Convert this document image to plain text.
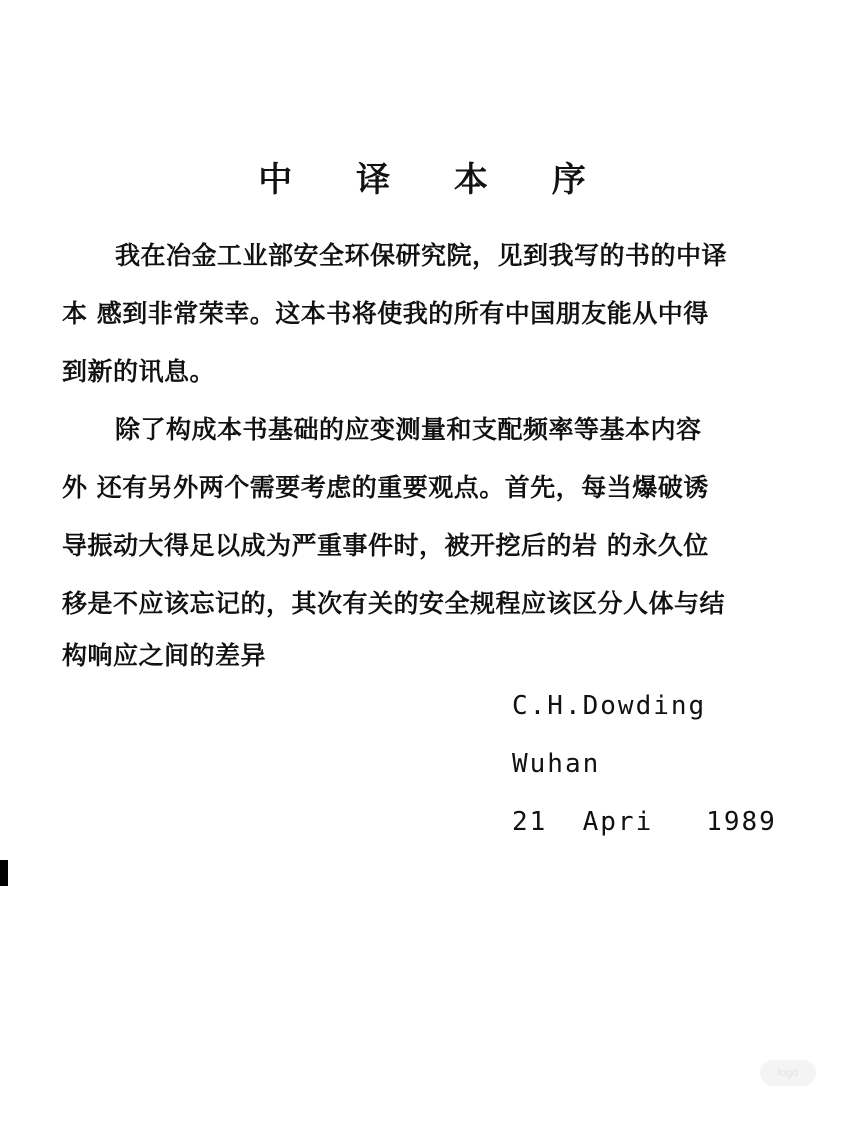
中 译 本 序
我在冶金工业部安全环保研究院，见到我写的书的中译
本 感到非常荣幸。这本书将使我的所有中国朋友能从中得
到新的讯息。
除了构成本书基础的应变测量和支配频率等基本内容
外 还有另外两个需要考虑的重要观点。首先，每当爆破诱
导振动大得足以成为严重事件时，被开挖后的岩 的永久位
移是不应该忘记的，其次有关的安全规程应该区分人体与结
构响应之间的差异
C.H.Dowding
Wuhan
21  Apri   1989
logo
